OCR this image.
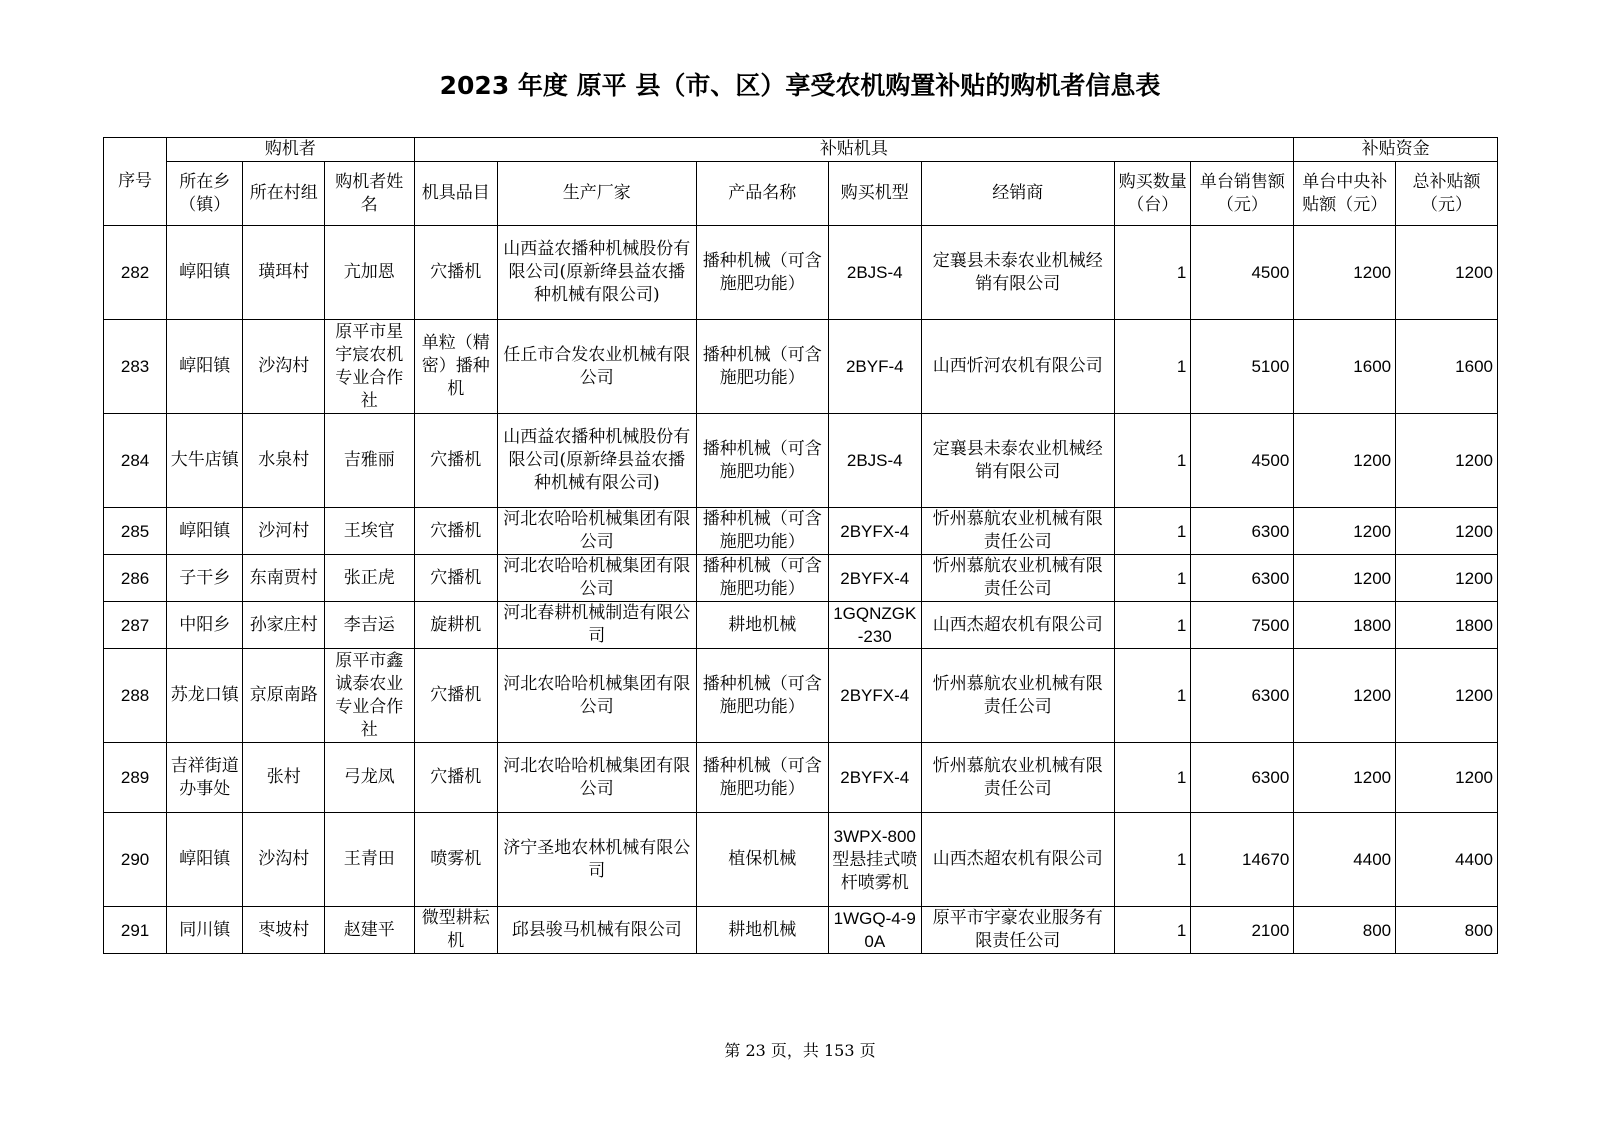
2023 年度 原平 县（市、区）享受农机购置补贴的购机者信息表
序号	购机者			补贴机具							补贴资金	
	所在乡（镇）	所在村组	购机者姓名	机具品目	生产厂家	产品名称	购买机型	经销商	购买数量（台）	单台销售额（元）	单台中央补贴额（元）	总补贴额（元）
282	崞阳镇	璜珥村	亢加恩	穴播机	山西益农播种机械股份有限公司(原新绛县益农播种机械有限公司)	播种机械（可含施肥功能）	2BJS-4	定襄县未泰农业机械经销有限公司	1	4500	1200	1200
283	崞阳镇	沙沟村	原平市星宇宸农机专业合作社	单粒（精密）播种机	任丘市合发农业机械有限公司	播种机械（可含施肥功能）	2BYF-4	山西忻河农机有限公司	1	5100	1600	1600
284	大牛店镇	水泉村	吉雅丽	穴播机	山西益农播种机械股份有限公司(原新绛县益农播种机械有限公司)	播种机械（可含施肥功能）	2BJS-4	定襄县未泰农业机械经销有限公司	1	4500	1200	1200
285	崞阳镇	沙河村	王埃官	穴播机	河北农哈哈机械集团有限公司	播种机械（可含施肥功能）	2BYFX-4	忻州慕航农业机械有限责任公司	1	6300	1200	1200
286	子干乡	东南贾村	张正虎	穴播机	河北农哈哈机械集团有限公司	播种机械（可含施肥功能）	2BYFX-4	忻州慕航农业机械有限责任公司	1	6300	1200	1200
287	中阳乡	孙家庄村	李吉运	旋耕机	河北春耕机械制造有限公司	耕地机械	1GQNZGK-230	山西杰超农机有限公司	1	7500	1800	1800
288	苏龙口镇	京原南路	原平市鑫诚泰农业专业合作社	穴播机	河北农哈哈机械集团有限公司	播种机械（可含施肥功能）	2BYFX-4	忻州慕航农业机械有限责任公司	1	6300	1200	1200
289	吉祥街道办事处	张村	弓龙凤	穴播机	河北农哈哈机械集团有限公司	播种机械（可含施肥功能）	2BYFX-4	忻州慕航农业机械有限责任公司	1	6300	1200	1200
290	崞阳镇	沙沟村	王青田	喷雾机	济宁圣地农林机械有限公司	植保机械	3WPX-800型悬挂式喷杆喷雾机	山西杰超农机有限公司	1	14670	4400	4400
291	同川镇	枣坡村	赵建平	微型耕耘机	邱县骏马机械有限公司	耕地机械	1WGQ-4-90A	原平市宇豪农业服务有限责任公司	1	2100	800	800
第 23 页，共 153 页
